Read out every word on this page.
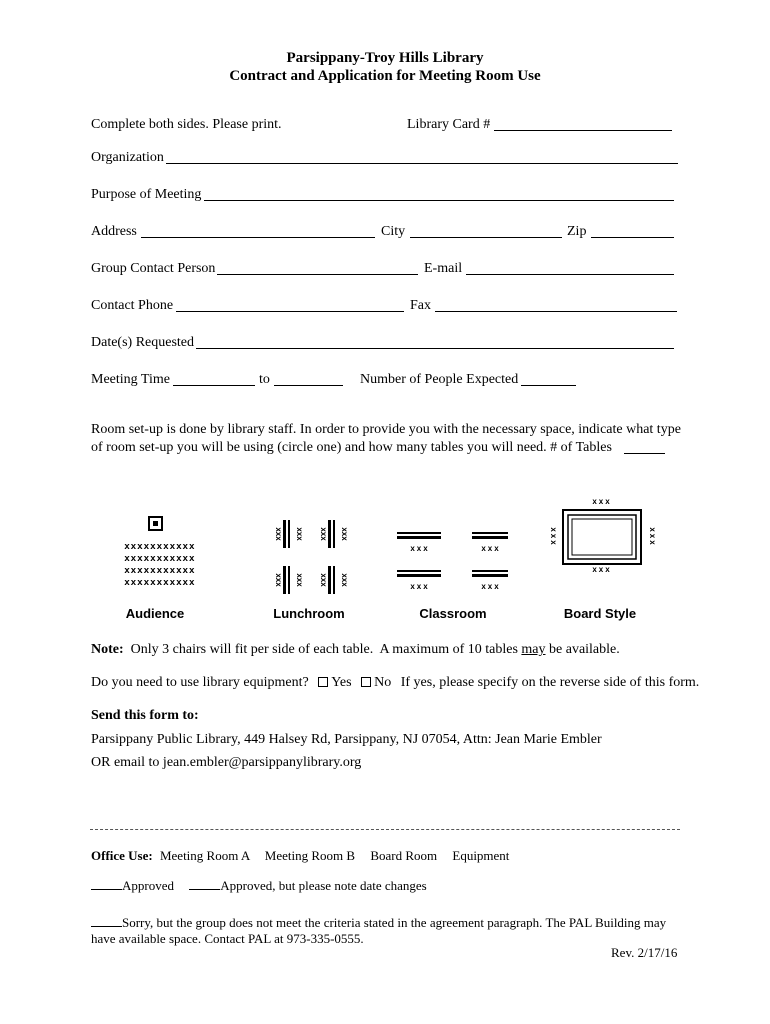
Parsippany-Troy Hills Library
Contract and Application for Meeting Room Use
Complete both sides. Please print.	Library Card #
Organization
Purpose of Meeting
Address	City	Zip
Group Contact Person	E-mail
Contact Phone	Fax
Date(s) Requested
Meeting Time	to	Number of People Expected
Room set-up is done by library staff. In order to provide you with the necessary space, indicate what type
of room set-up you will be using (circle one) and how many tables you will need. # of Tables
xxxxxxxxxxx
xxxxxxxxxxx
xxxxxxxxxxx
xxxxxxxxxxx
xxx xxx xxx xxx
xxx xxx xxx xxx
xxx	xxx
xxx	xxx
xxx
xxx
xxx	xxx
Audience	Lunchroom	Classroom	Board Style
Note:  Only 3 chairs will fit per side of each table.  A maximum of 10 tables may be available.
Do you need to use library equipment? Yes No If yes, please specify on the reverse side of this form.
Send this form to:
Parsippany Public Library, 449 Halsey Rd, Parsippany, NJ 07054, Attn: Jean Marie Embler
OR email to jean.embler@parsippanylibrary.org
Office Use: Meeting Room A Meeting Room B Board Room Equipment
Approved	Approved, but please note date changes
Sorry, but the group does not meet the criteria stated in the agreement paragraph. The PAL Building may
have available space. Contact PAL at 973-335-0555.
Rev. 2/17/16
